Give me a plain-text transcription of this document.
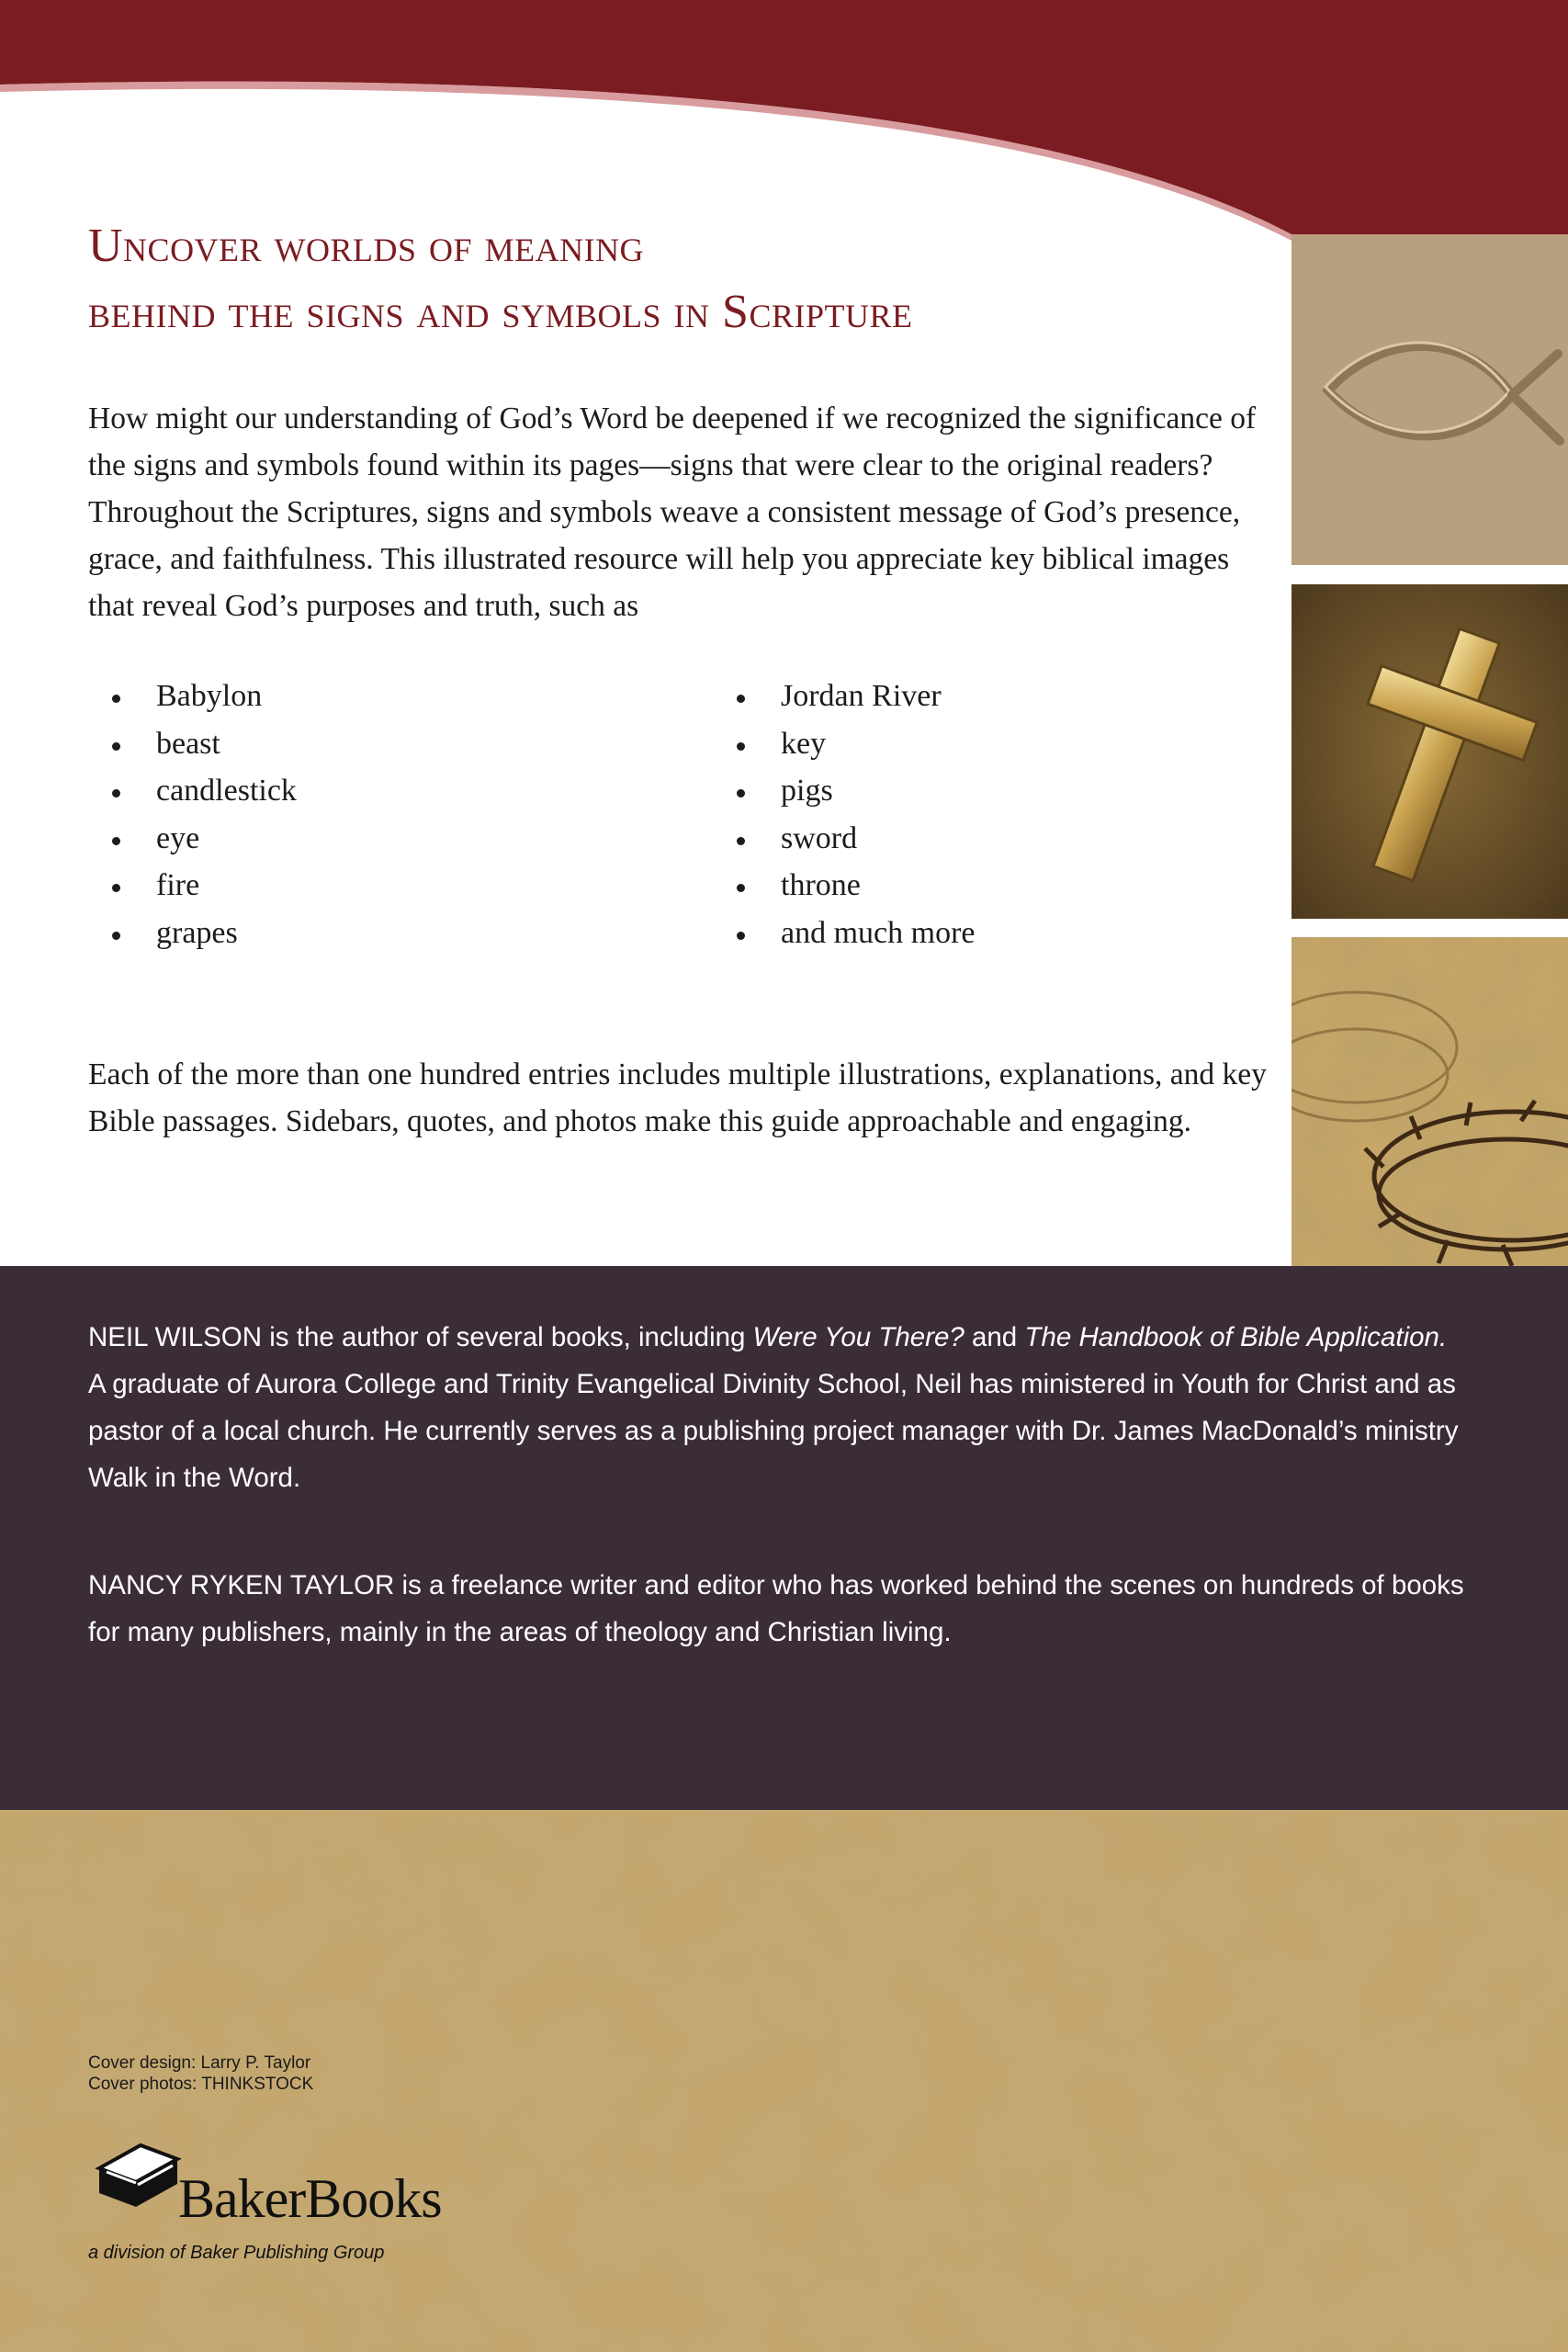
Uncover worlds of meaning
behind the signs and symbols in Scripture
How might our understanding of God’s Word be deepened if we recognized the significance of the signs and symbols found within its pages—signs that were clear to the original readers? Throughout the Scriptures, signs and symbols weave a consistent message of God’s presence, grace, and faithfulness. This illustrated resource will help you appreciate key biblical images that reveal God’s purposes and truth, such as
Babylon
beast
candlestick
eye
fire
grapes
Jordan River
key
pigs
sword
throne
and much more
Each of the more than one hundred entries includes multiple illustrations, explanations, and key Bible passages. Sidebars, quotes, and photos make this guide approachable and engaging.

NEIL WILSON is the author of several books, including Were You There? and The Handbook of Bible Application. A graduate of Aurora College and Trinity Evangelical Divinity School, Neil has ministered in Youth for Christ and as pastor of a local church. He currently serves as a publishing project manager with Dr. James MacDonald’s ministry Walk in the Word.

NANCY RYKEN TAYLOR is a freelance writer and editor who has worked behind the scenes on hundreds of books for many publishers, mainly in the areas of theology and Christian living.

Cover design: Larry P. Taylor
Cover photos: THINKSTOCK
BakerBooks
a division of Baker Publishing Group
